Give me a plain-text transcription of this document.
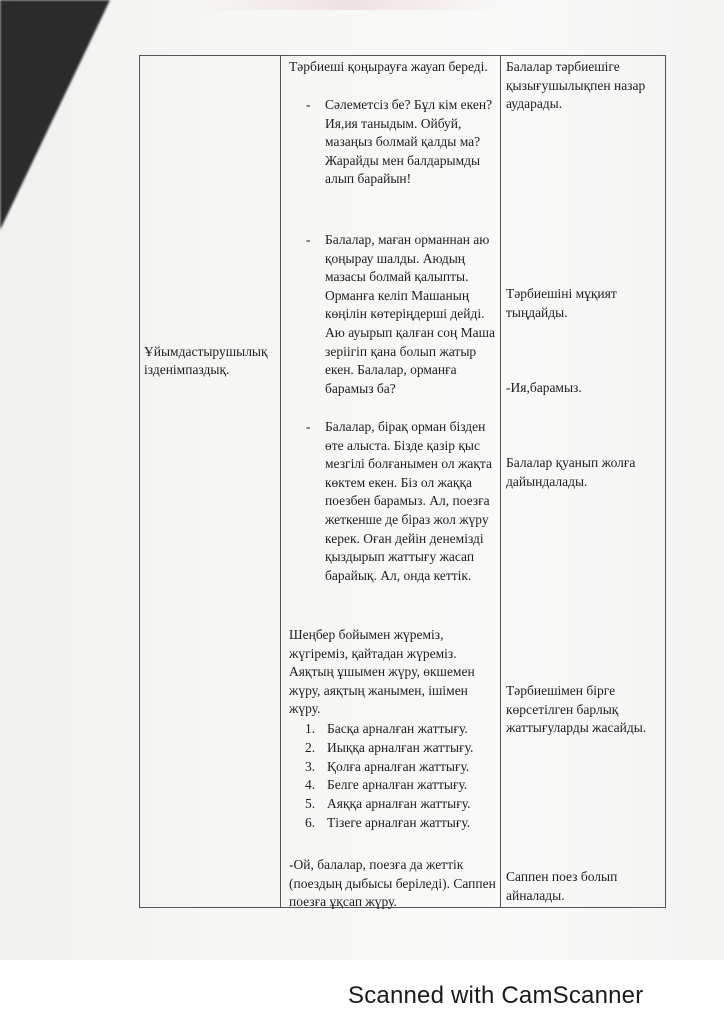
Ұйымдастырушылық ізденімпаздық.

Тәрбиеші қоңырауға жауап береді.
- Сәлеметсіз бе? Бұл кім екен? Ия,ия таныдым. Ойбуй, мазаңыз болмай қалды ма? Жарайды мен балдарымды алып барайын!
- Балалар, маған орманнан аю қоңырау шалды. Аюдың мазасы болмай қалыпты. Орманға келіп Машаның көңілін көтеріңдерші дейді. Аю ауырып қалған соң Маша зеріігіп қана болып жатыр екен. Балалар, орманға барамыз ба?
- Балалар, бірақ орман бізден өте алыста. Бізде қазір қыс мезгілі болғанымен ол жақта көктем екен. Біз ол жаққа поезбен барамыз. Ал, поезға жеткенше де біраз жол жүру керек. Оған дейін денемізді қыздырып жаттығу жасап барайық. Ал, онда кеттік.
Шеңбер бойымен жүреміз, жүгіреміз, қайтадан жүреміз. Аяқтың ұшымен жүру, өкшемен жүру, аяқтың жанымен, ішімен жүру.
1. Басқа арналған жаттығу.
2. Иыққа арналған жаттығу.
3. Қолға арналған жаттығу.
4. Белге арналған жаттығу.
5. Аяққа арналған жаттығу.
6. Тізеге арналған жаттығу.
-Ой, балалар, поезға да жеттік (поездың дыбысы беріледі). Саппен поезға ұқсап жүру.

Балалар тәрбиешіге қызығушылықпен назар аударады.
Тәрбиешіні мұқият тыңдайды.
-Ия,барамыз.
Балалар қуанып жолға дайындалады.
Тәрбиешімен бірге көрсетілген барлық жаттығуларды жасайды.
Саппен поез болып айналады.
Scanned with CamScanner
